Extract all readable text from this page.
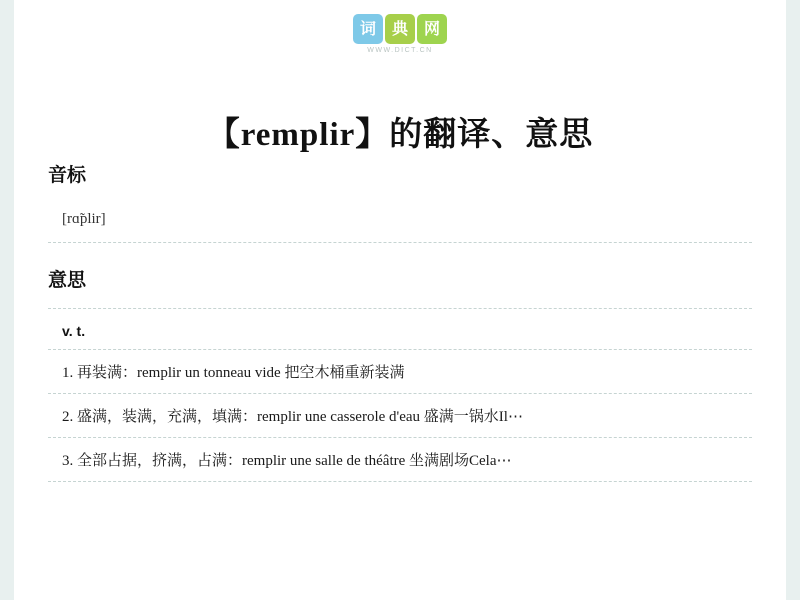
词 典 网
WWW.DICT.CN
【remplir】的翻译、意思
音标
[rɑ̃plir]
意思
v. t.
1. 再装满：remplir un tonneau vide 把空木桶重新装满
2. 盛满，装满，充满，填满：remplir une casserole d'eau 盛满一锅水Il⋯
3. 全部占据，挤满，占满：remplir une salle de théâtre 坐满剧场Cela⋯
